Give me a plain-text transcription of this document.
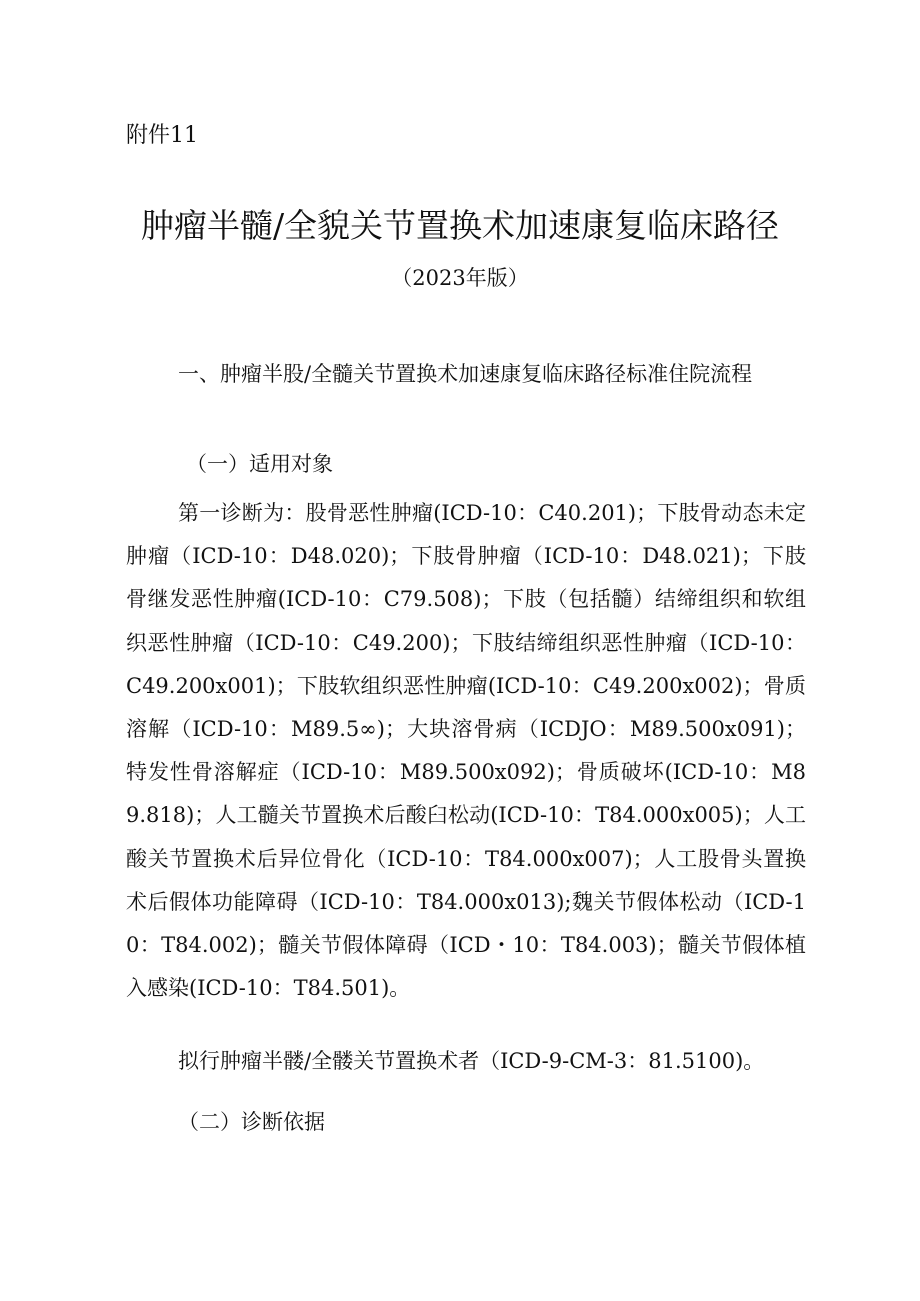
附件11
肿瘤半髓/全貌关节置换术加速康复临床路径
（2023年版）
一、肿瘤半股/全髓关节置换术加速康复临床路径标准住院流程
（一）适用对象
第一诊断为：股骨恶性肿瘤(ICD-10：C40.201)；下肢骨动态未定肿瘤（ICD-10：D48.020)；下肢骨肿瘤（ICD-10：D48.021)；下肢骨继发恶性肿瘤(ICD-10：C79.508)；下肢（包括髓）结缔组织和软组织恶性肿瘤（ICD-10：C49.200)；下肢结缔组织恶性肿瘤（ICD-10：C49.200x001)；下肢软组织恶性肿瘤(ICD-10：C49.200x002)；骨质溶解（ICD-10：M89.5∞)；大块溶骨病（ICDJO：M89.500x091)；特发性骨溶解症（ICD-10：M89.500x092)；骨质破坏(ICD-10：M89.818)；人工髓关节置换术后酸臼松动(ICD-10：T84.000x005)；人工酸关节置换术后异位骨化（ICD-10：T84.000x007)；人工股骨头置换术后假体功能障碍（ICD-10：T84.000x013);魏关节假体松动（ICD-10：T84.002)；髓关节假体障碍（ICD・10：T84.003)；髓关节假体植入感染(ICD-10：T84.501)。
拟行肿瘤半髅/全髅关节置换术者（ICD-9-CM-3：81.5100)。
（二）诊断依据
